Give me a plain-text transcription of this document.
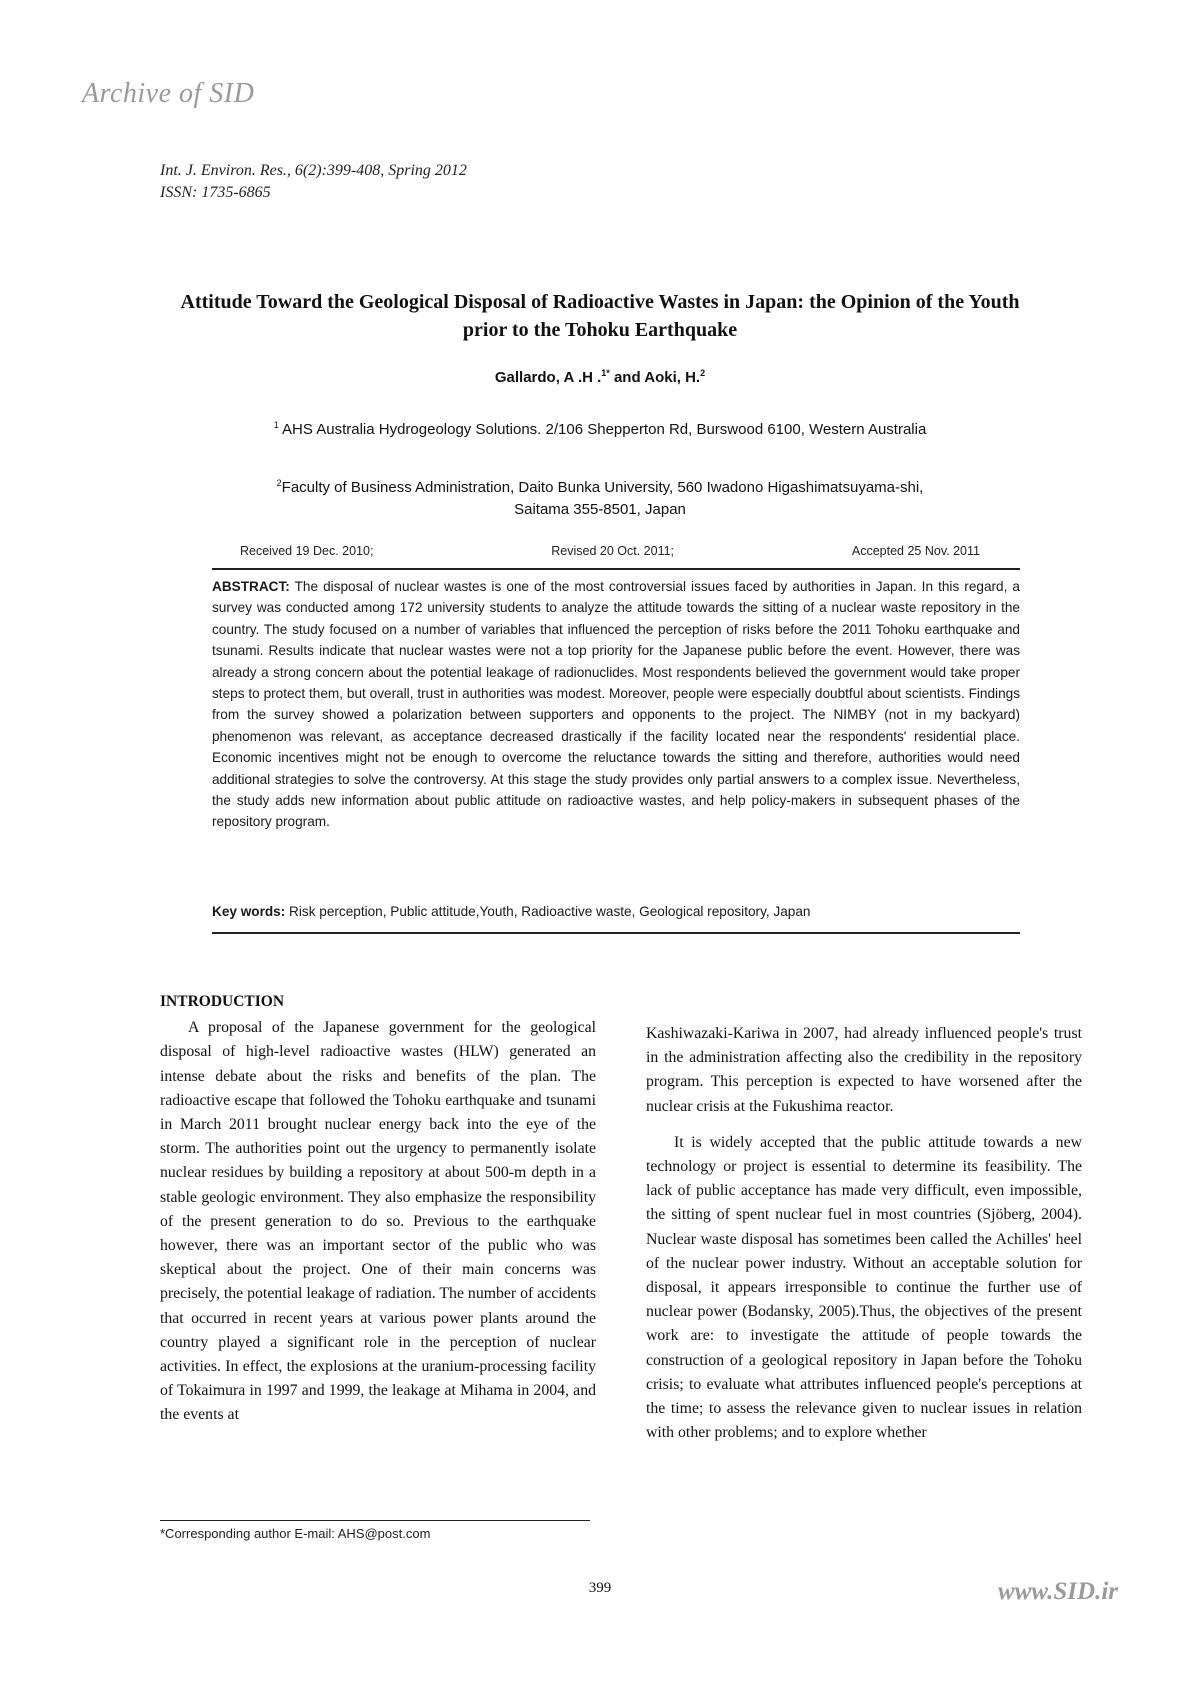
Archive of SID
Int. J. Environ. Res., 6(2):399-408, Spring 2012
ISSN: 1735-6865
Attitude Toward the Geological Disposal of Radioactive Wastes in Japan: the Opinion of the Youth prior to the Tohoku Earthquake
Gallardo, A .H .$^{1*}$ and Aoki, H.$^2$
$^1$ AHS Australia Hydrogeology Solutions. 2/106 Shepperton Rd, Burswood 6100, Western Australia
$^2$Faculty of Business Administration, Daito Bunka University, 560 Iwadono Higashimatsuyama-shi, Saitama 355-8501, Japan
Received 19 Dec. 2010;	Revised 20 Oct. 2011;	Accepted 25 Nov. 2011
ABSTRACT: The disposal of nuclear wastes is one of the most controversial issues faced by authorities in Japan. In this regard, a survey was conducted among 172 university students to analyze the attitude towards the sitting of a nuclear waste repository in the country. The study focused on a number of variables that influenced the perception of risks before the 2011 Tohoku earthquake and tsunami. Results indicate that nuclear wastes were not a top priority for the Japanese public before the event. However, there was already a strong concern about the potential leakage of radionuclides. Most respondents believed the government would take proper steps to protect them, but overall, trust in authorities was modest. Moreover, people were especially doubtful about scientists. Findings from the survey showed a polarization between supporters and opponents to the project. The NIMBY (not in my backyard) phenomenon was relevant, as acceptance decreased drastically if the facility located near the respondents' residential place. Economic incentives might not be enough to overcome the reluctance towards the sitting and therefore, authorities would need additional strategies to solve the controversy. At this stage the study provides only partial answers to a complex issue. Nevertheless, the study adds new information about public attitude on radioactive wastes, and help policy-makers in subsequent phases of the repository program.
Key words: Risk perception, Public attitude,Youth, Radioactive waste, Geological repository, Japan
INTRODUCTION

A proposal of the Japanese government for the geological disposal of high-level radioactive wastes (HLW) generated an intense debate about the risks and benefits of the plan. The radioactive escape that followed the Tohoku earthquake and tsunami in March 2011 brought nuclear energy back into the eye of the storm. The authorities point out the urgency to permanently isolate nuclear residues by building a repository at about 500-m depth in a stable geologic environment. They also emphasize the responsibility of the present generation to do so. Previous to the earthquake however, there was an important sector of the public who was skeptical about the project. One of their main concerns was precisely, the potential leakage of radiation. The number of accidents that occurred in recent years at various power plants around the country played a significant role in the perception of nuclear activities. In effect, the explosions at the uranium-processing facility of Tokaimura in 1997 and 1999, the leakage at Mihama in 2004, and the events at

Kashiwazaki-Kariwa in 2007, had already influenced people's trust in the administration affecting also the credibility in the repository program. This perception is expected to have worsened after the nuclear crisis at the Fukushima reactor.

It is widely accepted that the public attitude towards a new technology or project is essential to determine its feasibility. The lack of public acceptance has made very difficult, even impossible, the sitting of spent nuclear fuel in most countries (Sjöberg, 2004). Nuclear waste disposal has sometimes been called the Achilles' heel of the nuclear power industry. Without an acceptable solution for disposal, it appears irresponsible to continue the further use of nuclear power (Bodansky, 2005).Thus, the objectives of the present work are: to investigate the attitude of people towards the construction of a geological repository in Japan before the Tohoku crisis; to evaluate what attributes influenced people's perceptions at the time; to assess the relevance given to nuclear issues in relation with other problems; and to explore whether

*Corresponding author E-mail: AHS@post.com
399	www.SID.ir
